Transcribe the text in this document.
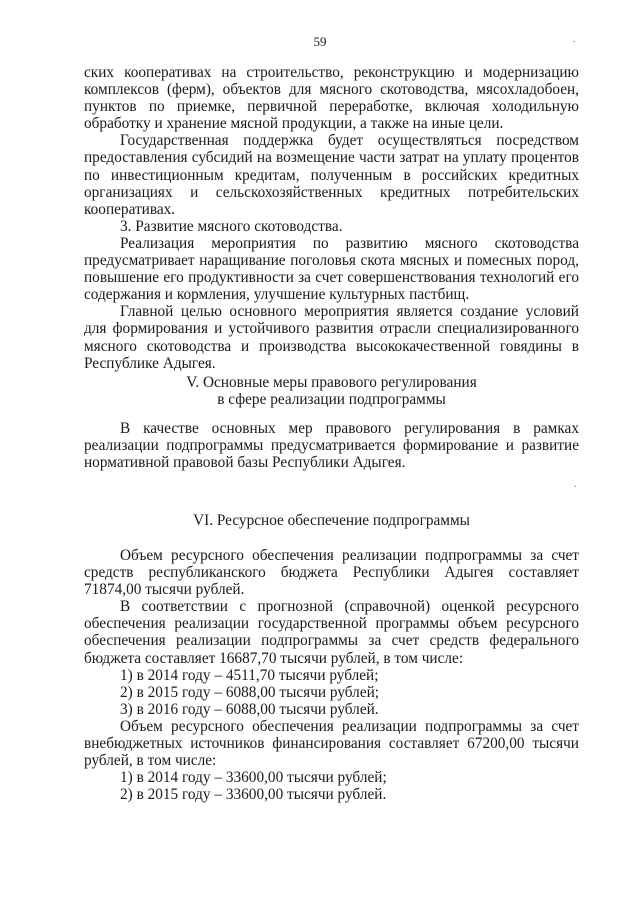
59	.
.

ских кооперативах на строительство, реконструкцию и модернизацию комплексов (ферм), объектов для мясного скотоводства, мясохладобоен, пунктов по приемке, первичной переработке, включая холодильную обработку и хранение мясной продукции, а также на иные цели.

Государственная поддержка будет осуществляться посредством предоставления субсидий на возмещение части затрат на уплату процентов по инвестиционным кредитам, полученным в российских кредитных организациях и сельскохозяйственных кредитных потребительских кооперативах.

3. Развитие мясного скотоводства.

Реализация мероприятия по развитию мясного скотоводства предусматривает наращивание поголовья скота мясных и помесных пород, повышение его продуктивности за счет совершенствования технологий его содержания и кормления, улучшение культурных пастбищ.

Главной целью основного мероприятия является создание условий для формирования и устойчивого развития отрасли специализированного мясного скотоводства и производства высококачественной говядины в Республике Адыгея.

V. Основные меры правового регулирования
в сфере реализации подпрограммы

В качестве основных мер правового регулирования в рамках реализации подпрограммы предусматривается формирование и развитие нормативной правовой базы Республики Адыгея.

VI. Ресурсное обеспечение подпрограммы

Объем ресурсного обеспечения реализации подпрограммы за счет средств республиканского бюджета Республики Адыгея составляет 71874,00 тысячи рублей.

В соответствии с прогнозной (справочной) оценкой ресурсного обеспечения реализации государственной программы объем ресурсного обеспечения реализации подпрограммы за счет средств федерального бюджета составляет 16687,70 тысячи рублей, в том числе:

1) в 2014 году – 4511,70 тысячи рублей;

2) в 2015 году – 6088,00 тысячи рублей;

3) в 2016 году – 6088,00 тысячи рублей.

Объем ресурсного обеспечения реализации подпрограммы за счет внебюджетных источников финансирования составляет 67200,00 тысячи рублей, в том числе:

1) в 2014 году – 33600,00 тысячи рублей;

2) в 2015 году – 33600,00 тысячи рублей.
